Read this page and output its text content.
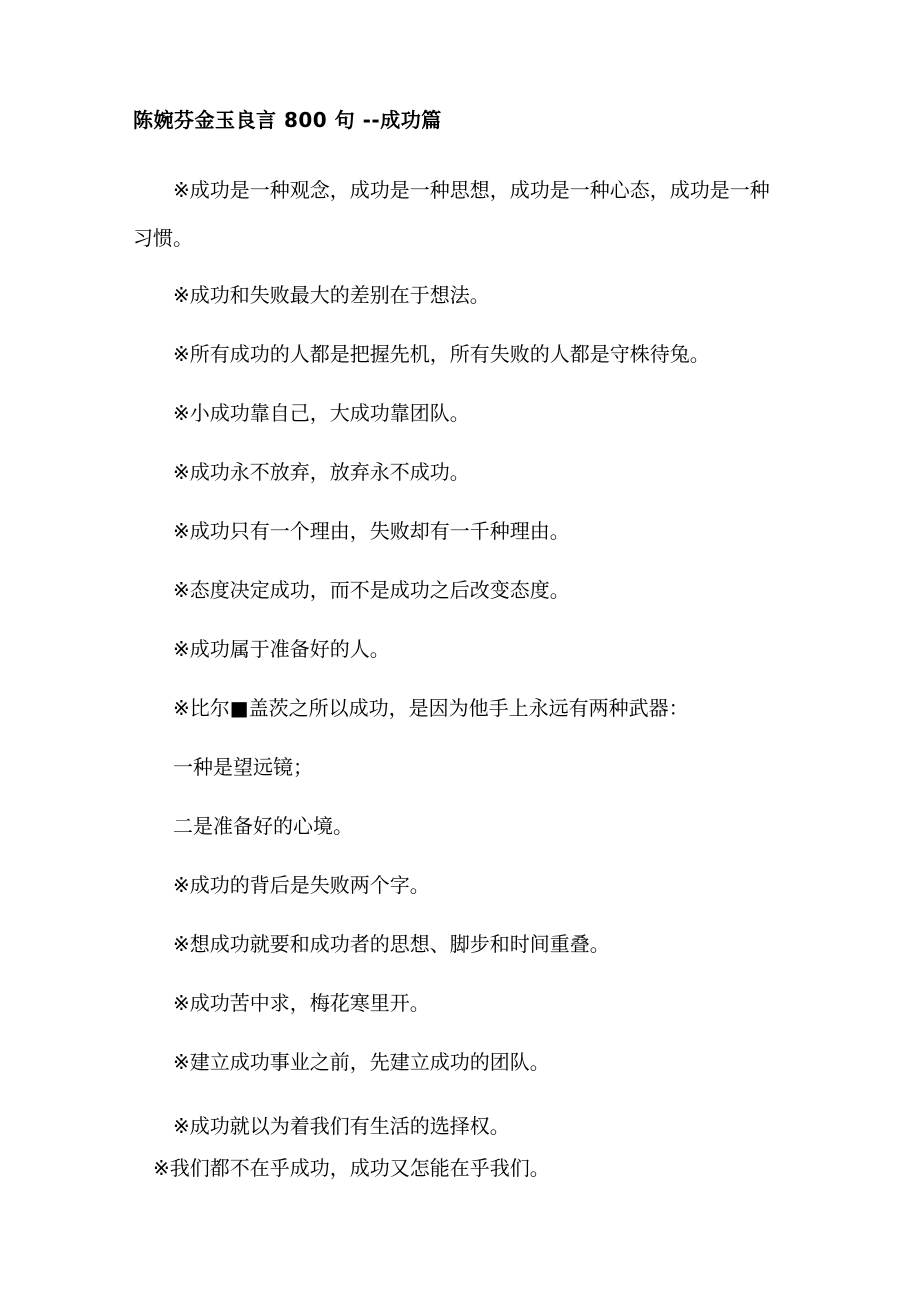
陈婉芬金玉良言 800 句 --成功篇
※成功是一种观念，成功是一种思想，成功是一种心态，成功是一种习惯。
※成功和失败最大的差别在于想法。
※所有成功的人都是把握先机，所有失败的人都是守株待兔。
※小成功靠自己，大成功靠团队。
※成功永不放弃，放弃永不成功。
※成功只有一个理由，失败却有一千种理由。
※态度决定成功，而不是成功之后改变态度。
※成功属于准备好的人。
※比尔■盖茨之所以成功，是因为他手上永远有两种武器：
一种是望远镜；
二是准备好的心境。
※成功的背后是失败两个字。
※想成功就要和成功者的思想、脚步和时间重叠。
※成功苦中求，梅花寒里开。
※建立成功事业之前，先建立成功的团队。
※成功就以为着我们有生活的选择权。
※我们都不在乎成功，成功又怎能在乎我们。
